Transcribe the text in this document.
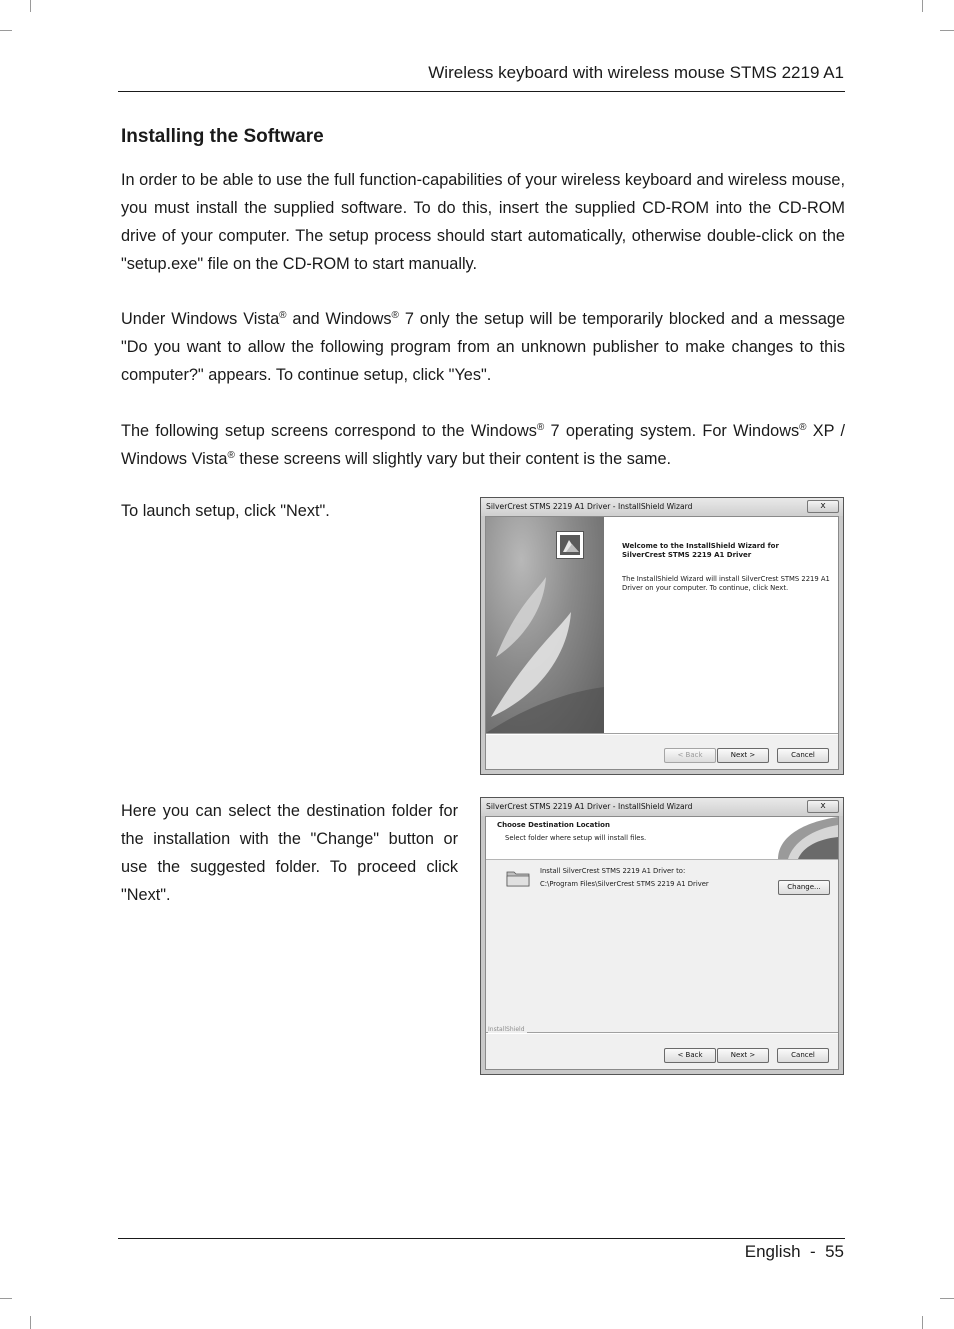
Wireless keyboard with wireless mouse STMS 2219 A1
Installing the Software

In order to be able to use the full function-capabilities of your wireless keyboard and wireless mouse, you must install the supplied software. To do this, insert the supplied CD-ROM into the CD-ROM drive of your computer. The setup process should start automatically, otherwise double-click on the "setup.exe" file on the CD-ROM to start manually.

Under Windows Vista® and Windows® 7 only the setup will be temporarily blocked and a message "Do you want to allow the following program from an unknown publisher to make changes to this computer?" appears. To continue setup, click "Yes".

The following setup screens correspond to the Windows® 7 operating system. For Windows® XP / Windows Vista® these screens will slightly vary but their content is the same.

To launch setup, click "Next".

Here you can select the destination folder for the installation with the "Change" button or use the suggested folder. To proceed click "Next".

SilverCrest STMS 2219 A1 Driver - InstallShield Wizard	x
Welcome to the InstallShield Wizard for
SilverCrest STMS 2219 A1 Driver
The InstallShield Wizard will install SilverCrest STMS 2219 A1 Driver on your computer. To continue, click Next.
< Back	Next >	Cancel
SilverCrest STMS 2219 A1 Driver - InstallShield Wizard	x
Choose Destination Location
Select folder where setup will install files.
Install SilverCrest STMS 2219 A1 Driver to:
C:\Program Files\SilverCrest STMS 2219 A1 Driver	Change...
InstallShield
< Back	Next >	Cancel
English  -  55
